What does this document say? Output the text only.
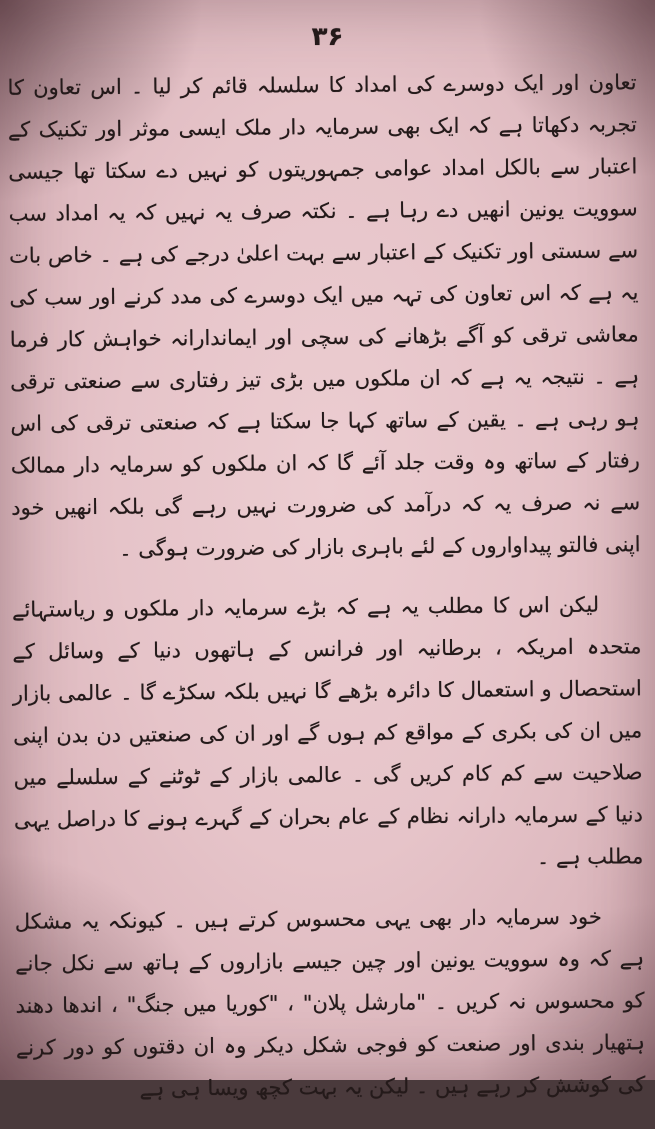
۳۶

تعاون اور ایک دوسرے کی امداد کا سلسلہ قائم کر لیا ۔ اس تعاون کا تجربہ دکھاتا ہے کہ ایک بھی سرمایہ دار ملک ایسی موثر اور تکنیک کے اعتبار سے بالکل امداد عوامی جمہوریتوں کو نہیں دے سکتا تھا جیسی سوویت یونین انھیں دے رہا ہے ۔ نکتہ صرف یہ نہیں کہ یہ امداد سب سے سستی اور تکنیک کے اعتبار سے بہت اعلیٰ درجے کی ہے ۔ خاص بات یہ ہے کہ اس تعاون کی تہہ میں ایک دوسرے کی مدد کرنے اور سب کی معاشی ترقی کو آگے بڑھانے کی سچی اور ایماندارانہ خواہش کار فرما ہے ۔ نتیجہ یہ ہے کہ ان ملکوں میں بڑی تیز رفتاری سے صنعتی ترقی ہو رہی ہے ۔ یقین کے ساتھ کہا جا سکتا ہے کہ صنعتی ترقی کی اس رفتار کے ساتھ وہ وقت جلد آئے گا کہ ان ملکوں کو سرمایہ دار ممالک سے نہ صرف یہ کہ درآمد کی ضرورت نہیں رہے گی بلکہ انھیں خود اپنی فالتو پیداواروں کے لئے باہری بازار کی ضرورت ہوگی ۔

لیکن اس کا مطلب یہ ہے کہ بڑے سرمایہ دار ملکوں و ریاستہائے متحدہ امریکہ ، برطانیہ اور فرانس کے ہاتھوں دنیا کے وسائل کے استحصال و استعمال کا دائرہ بڑھے گا نہیں بلکہ سکڑے گا ۔ عالمی بازار میں ان کی بکری کے مواقع کم ہوں گے اور ان کی صنعتیں دن بدن اپنی صلاحیت سے کم کام کریں گی ۔ عالمی بازار کے ٹوٹنے کے سلسلے میں دنیا کے سرمایہ دارانہ نظام کے عام بحران کے گہرے ہونے کا دراصل یہی مطلب ہے ۔

خود سرمایہ دار بھی یہی محسوس کرتے ہیں ۔ کیونکہ یہ مشکل ہے کہ وہ سوویت یونین اور چین جیسے بازاروں کے ہاتھ سے نکل جانے کو محسوس نہ کریں ۔ "مارشل پلان" ، "کوریا میں جنگ" ، اندھا دھند ہتھیار بندی اور صنعت کو فوجی شکل دیکر وہ ان دقتوں کو دور کرنے کی کوشش کر رہے ہیں ۔ لیکن یہ بہت کچھ ویسا ہی ہے
